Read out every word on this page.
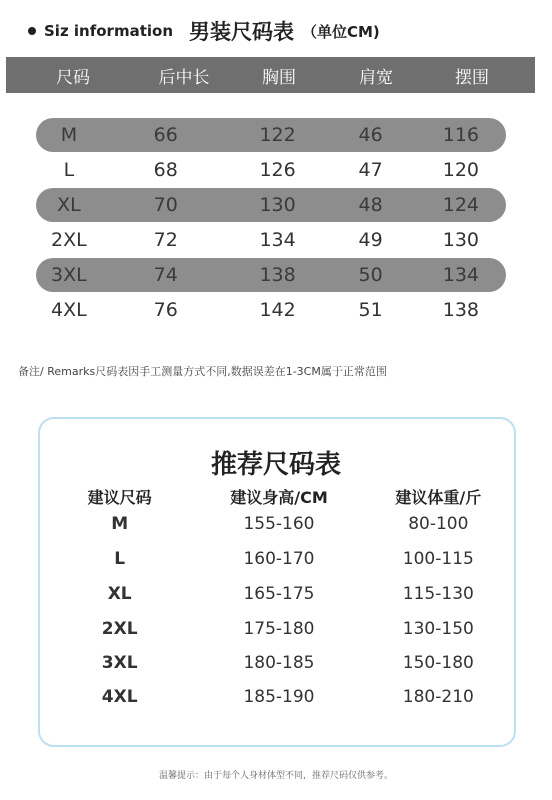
Siz information 男装尺码表 （单位CM)
尺码	后中长	胸围	肩宽	摆围
M	66	122	46	116
L	68	126	47	120
XL	70	130	48	124
2XL	72	134	49	130
3XL	74	138	50	134
4XL	76	142	51	138
备注/ Remarks尺码表因手工测量方式不同,数据误差在1-3CM属于正常范围
推荐尺码表
建议尺码	建议身高/CM	建议体重/斤
M	155-160	80-100
L	160-170	100-115
XL	165-175	115-130
2XL	175-180	130-150
3XL	180-185	150-180
4XL	185-190	180-210
温馨提示：由于每个人身材体型不同，推荐尺码仅供参考。
